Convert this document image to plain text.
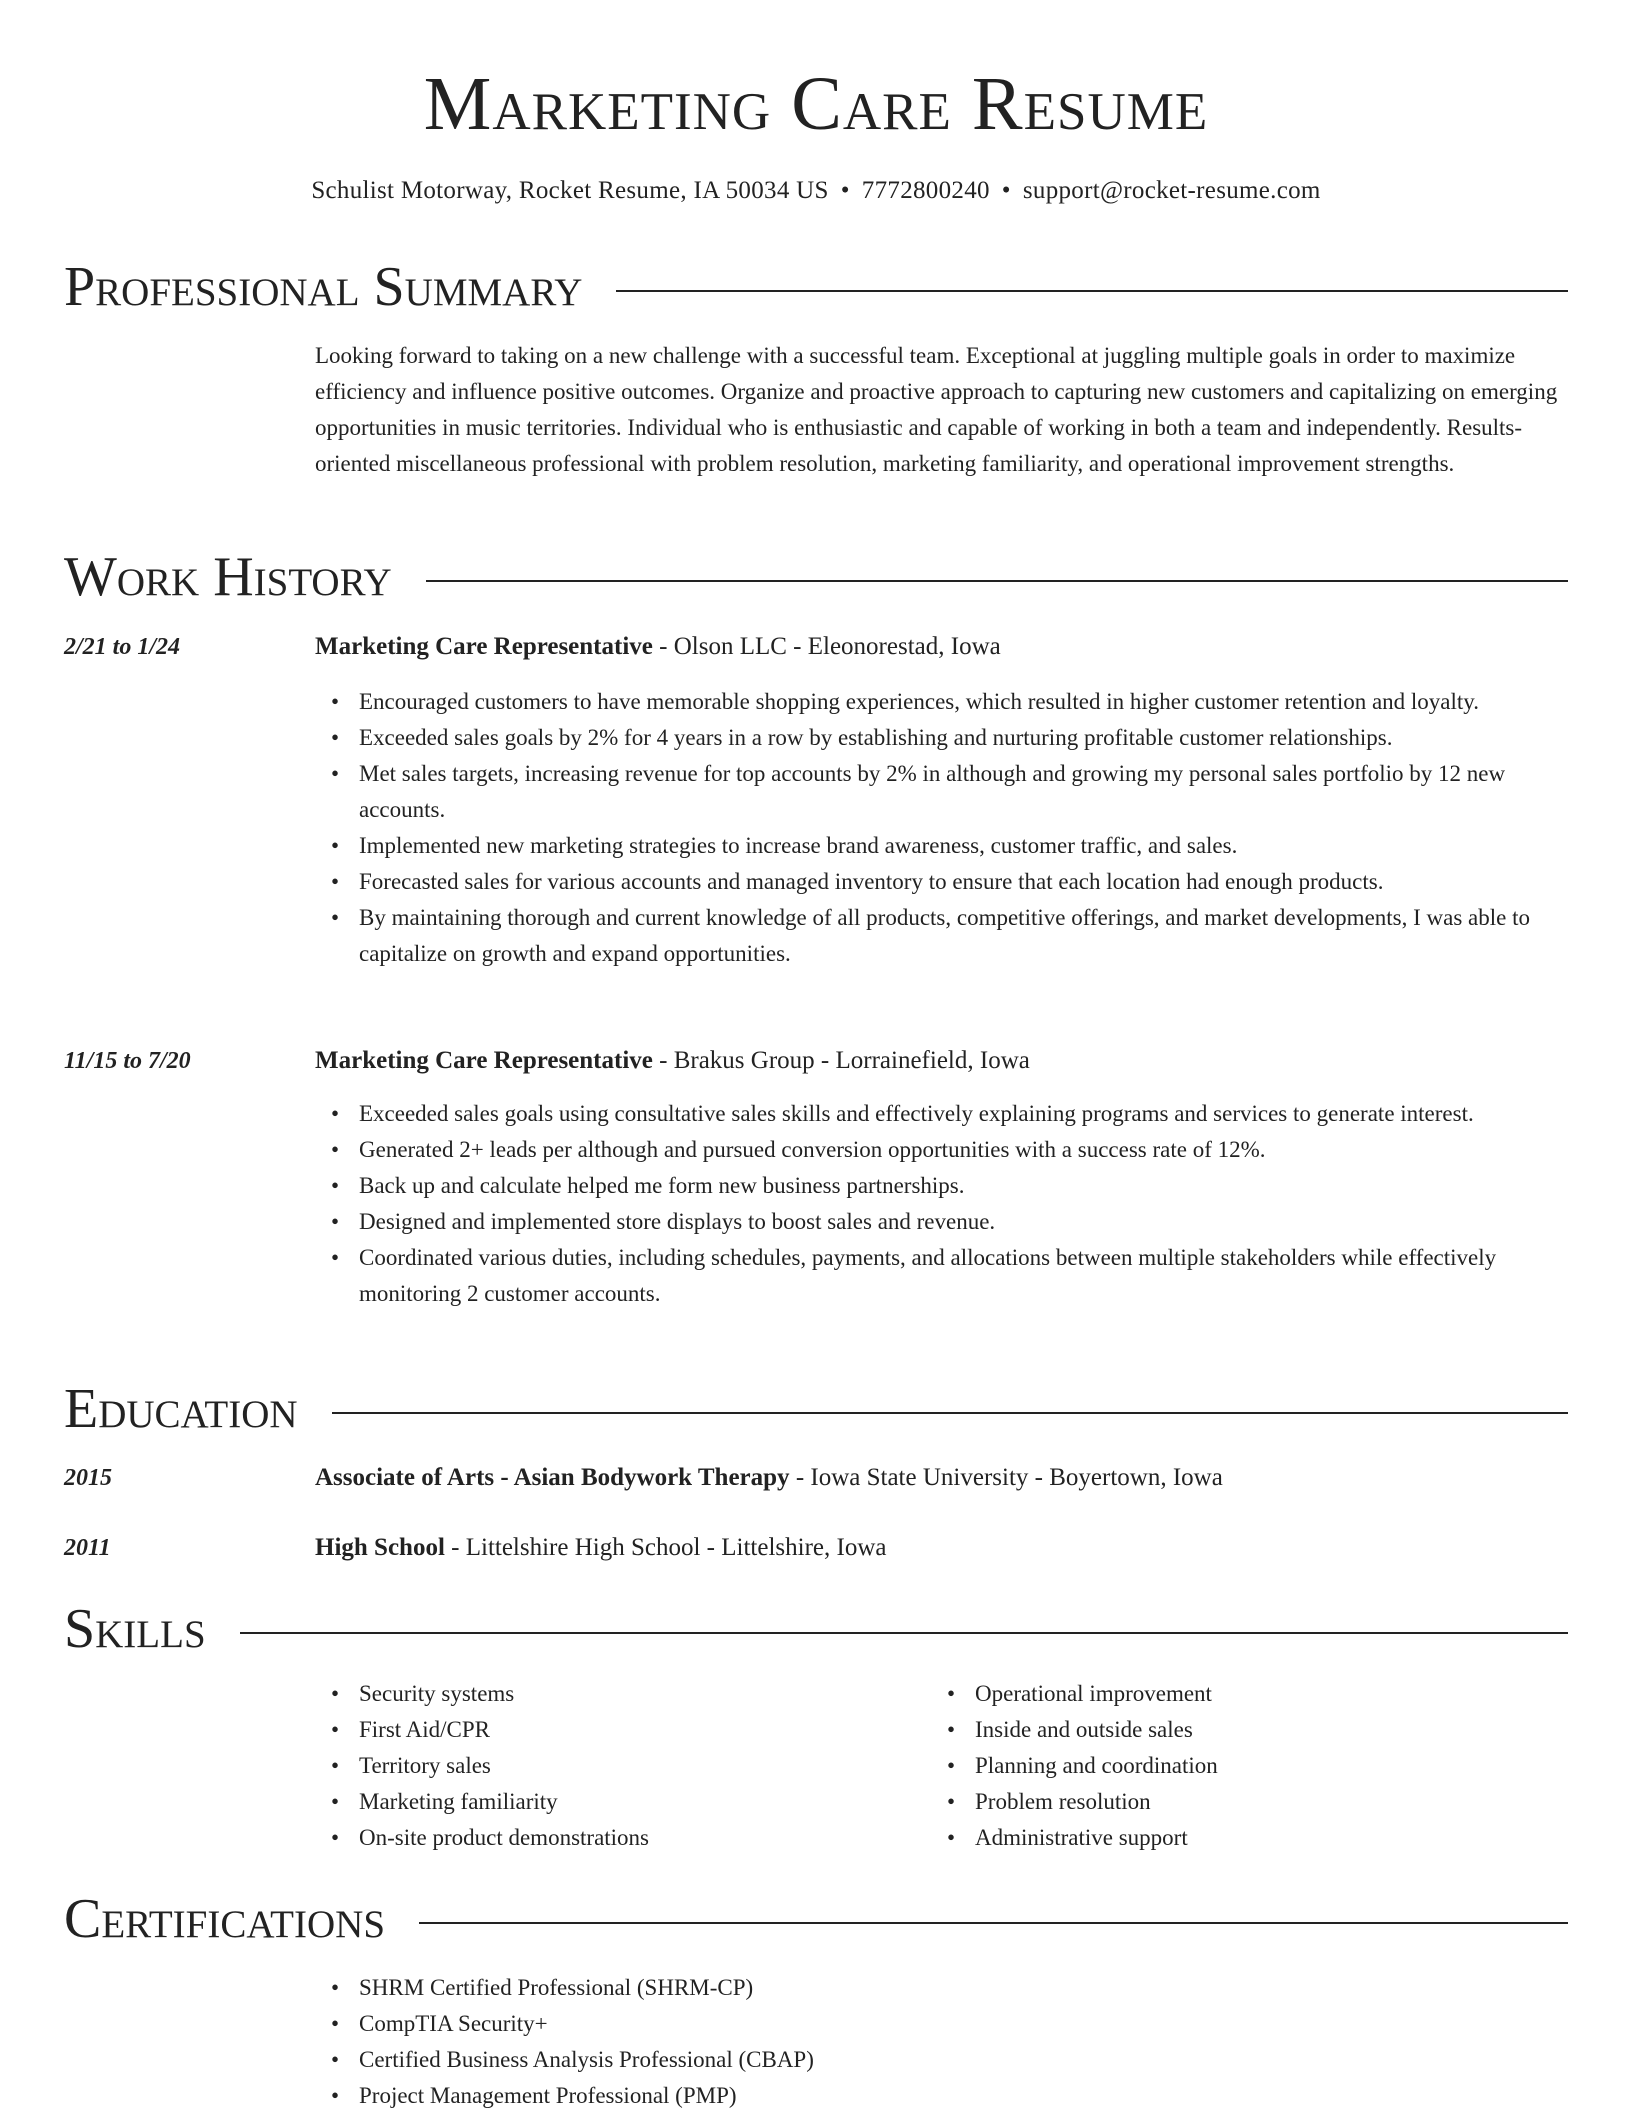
Marketing Care Resume
Schulist Motorway, Rocket Resume, IA 50034 US • 7772800240 • support@rocket-resume.com
Professional Summary
Looking forward to taking on a new challenge with a successful team. Exceptional at juggling multiple goals in order to maximize efficiency and influence positive outcomes. Organize and proactive approach to capturing new customers and capitalizing on emerging opportunities in music territories. Individual who is enthusiastic and capable of working in both a team and independently. Results-oriented miscellaneous professional with problem resolution, marketing familiarity, and operational improvement strengths.
Work History
2/21 to 1/24	Marketing Care Representative - Olson LLC - Eleonorestad, Iowa
• Encouraged customers to have memorable shopping experiences, which resulted in higher customer retention and loyalty.
• Exceeded sales goals by 2% for 4 years in a row by establishing and nurturing profitable customer relationships.
• Met sales targets, increasing revenue for top accounts by 2% in although and growing my personal sales portfolio by 12 new accounts.
• Implemented new marketing strategies to increase brand awareness, customer traffic, and sales.
• Forecasted sales for various accounts and managed inventory to ensure that each location had enough products.
• By maintaining thorough and current knowledge of all products, competitive offerings, and market developments, I was able to capitalize on growth and expand opportunities.
11/15 to 7/20	Marketing Care Representative - Brakus Group - Lorrainefield, Iowa
• Exceeded sales goals using consultative sales skills and effectively explaining programs and services to generate interest.
• Generated 2+ leads per although and pursued conversion opportunities with a success rate of 12%.
• Back up and calculate helped me form new business partnerships.
• Designed and implemented store displays to boost sales and revenue.
• Coordinated various duties, including schedules, payments, and allocations between multiple stakeholders while effectively monitoring 2 customer accounts.
Education
2015	Associate of Arts - Asian Bodywork Therapy - Iowa State University - Boyertown, Iowa
2011	High School - Littelshire High School - Littelshire, Iowa
Skills
• Security systems
• First Aid/CPR
• Territory sales
• Marketing familiarity
• On-site product demonstrations
• Operational improvement
• Inside and outside sales
• Planning and coordination
• Problem resolution
• Administrative support
Certifications
• SHRM Certified Professional (SHRM-CP)
• CompTIA Security+
• Certified Business Analysis Professional (CBAP)
• Project Management Professional (PMP)
